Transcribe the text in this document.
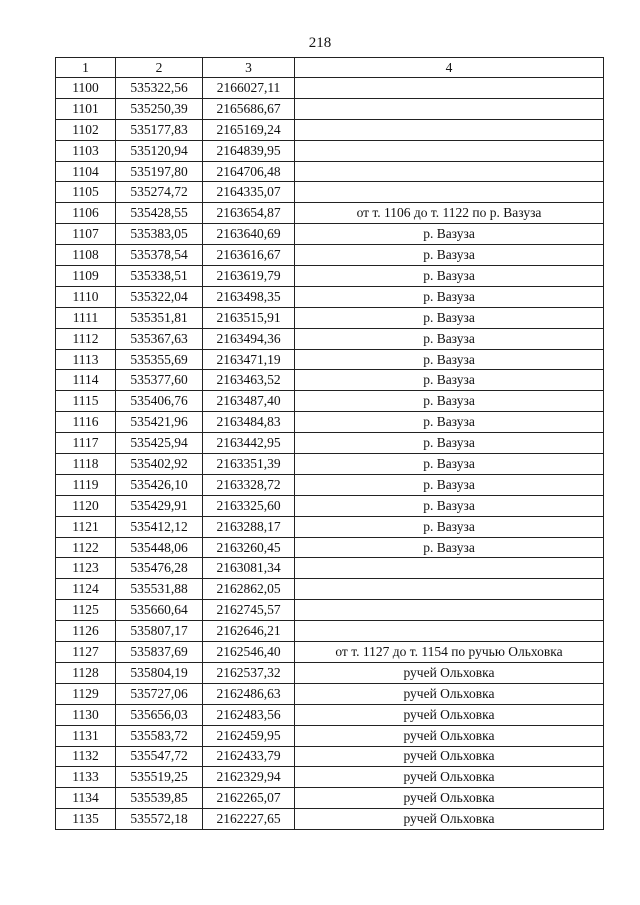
218
1	2	3	4
1100	535322,56	2166027,11	
1101	535250,39	2165686,67	
1102	535177,83	2165169,24	
1103	535120,94	2164839,95	
1104	535197,80	2164706,48	
1105	535274,72	2164335,07	
1106	535428,55	2163654,87	от т. 1106 до т. 1122 по р. Вазуза
1107	535383,05	2163640,69	р. Вазуза
1108	535378,54	2163616,67	р. Вазуза
1109	535338,51	2163619,79	р. Вазуза
1110	535322,04	2163498,35	р. Вазуза
1111	535351,81	2163515,91	р. Вазуза
1112	535367,63	2163494,36	р. Вазуза
1113	535355,69	2163471,19	р. Вазуза
1114	535377,60	2163463,52	р. Вазуза
1115	535406,76	2163487,40	р. Вазуза
1116	535421,96	2163484,83	р. Вазуза
1117	535425,94	2163442,95	р. Вазуза
1118	535402,92	2163351,39	р. Вазуза
1119	535426,10	2163328,72	р. Вазуза
1120	535429,91	2163325,60	р. Вазуза
1121	535412,12	2163288,17	р. Вазуза
1122	535448,06	2163260,45	р. Вазуза
1123	535476,28	2163081,34	
1124	535531,88	2162862,05	
1125	535660,64	2162745,57	
1126	535807,17	2162646,21	
1127	535837,69	2162546,40	от т. 1127 до т. 1154 по ручью Ольховка
1128	535804,19	2162537,32	ручей Ольховка
1129	535727,06	2162486,63	ручей Ольховка
1130	535656,03	2162483,56	ручей Ольховка
1131	535583,72	2162459,95	ручей Ольховка
1132	535547,72	2162433,79	ручей Ольховка
1133	535519,25	2162329,94	ручей Ольховка
1134	535539,85	2162265,07	ручей Ольховка
1135	535572,18	2162227,65	ручей Ольховка
